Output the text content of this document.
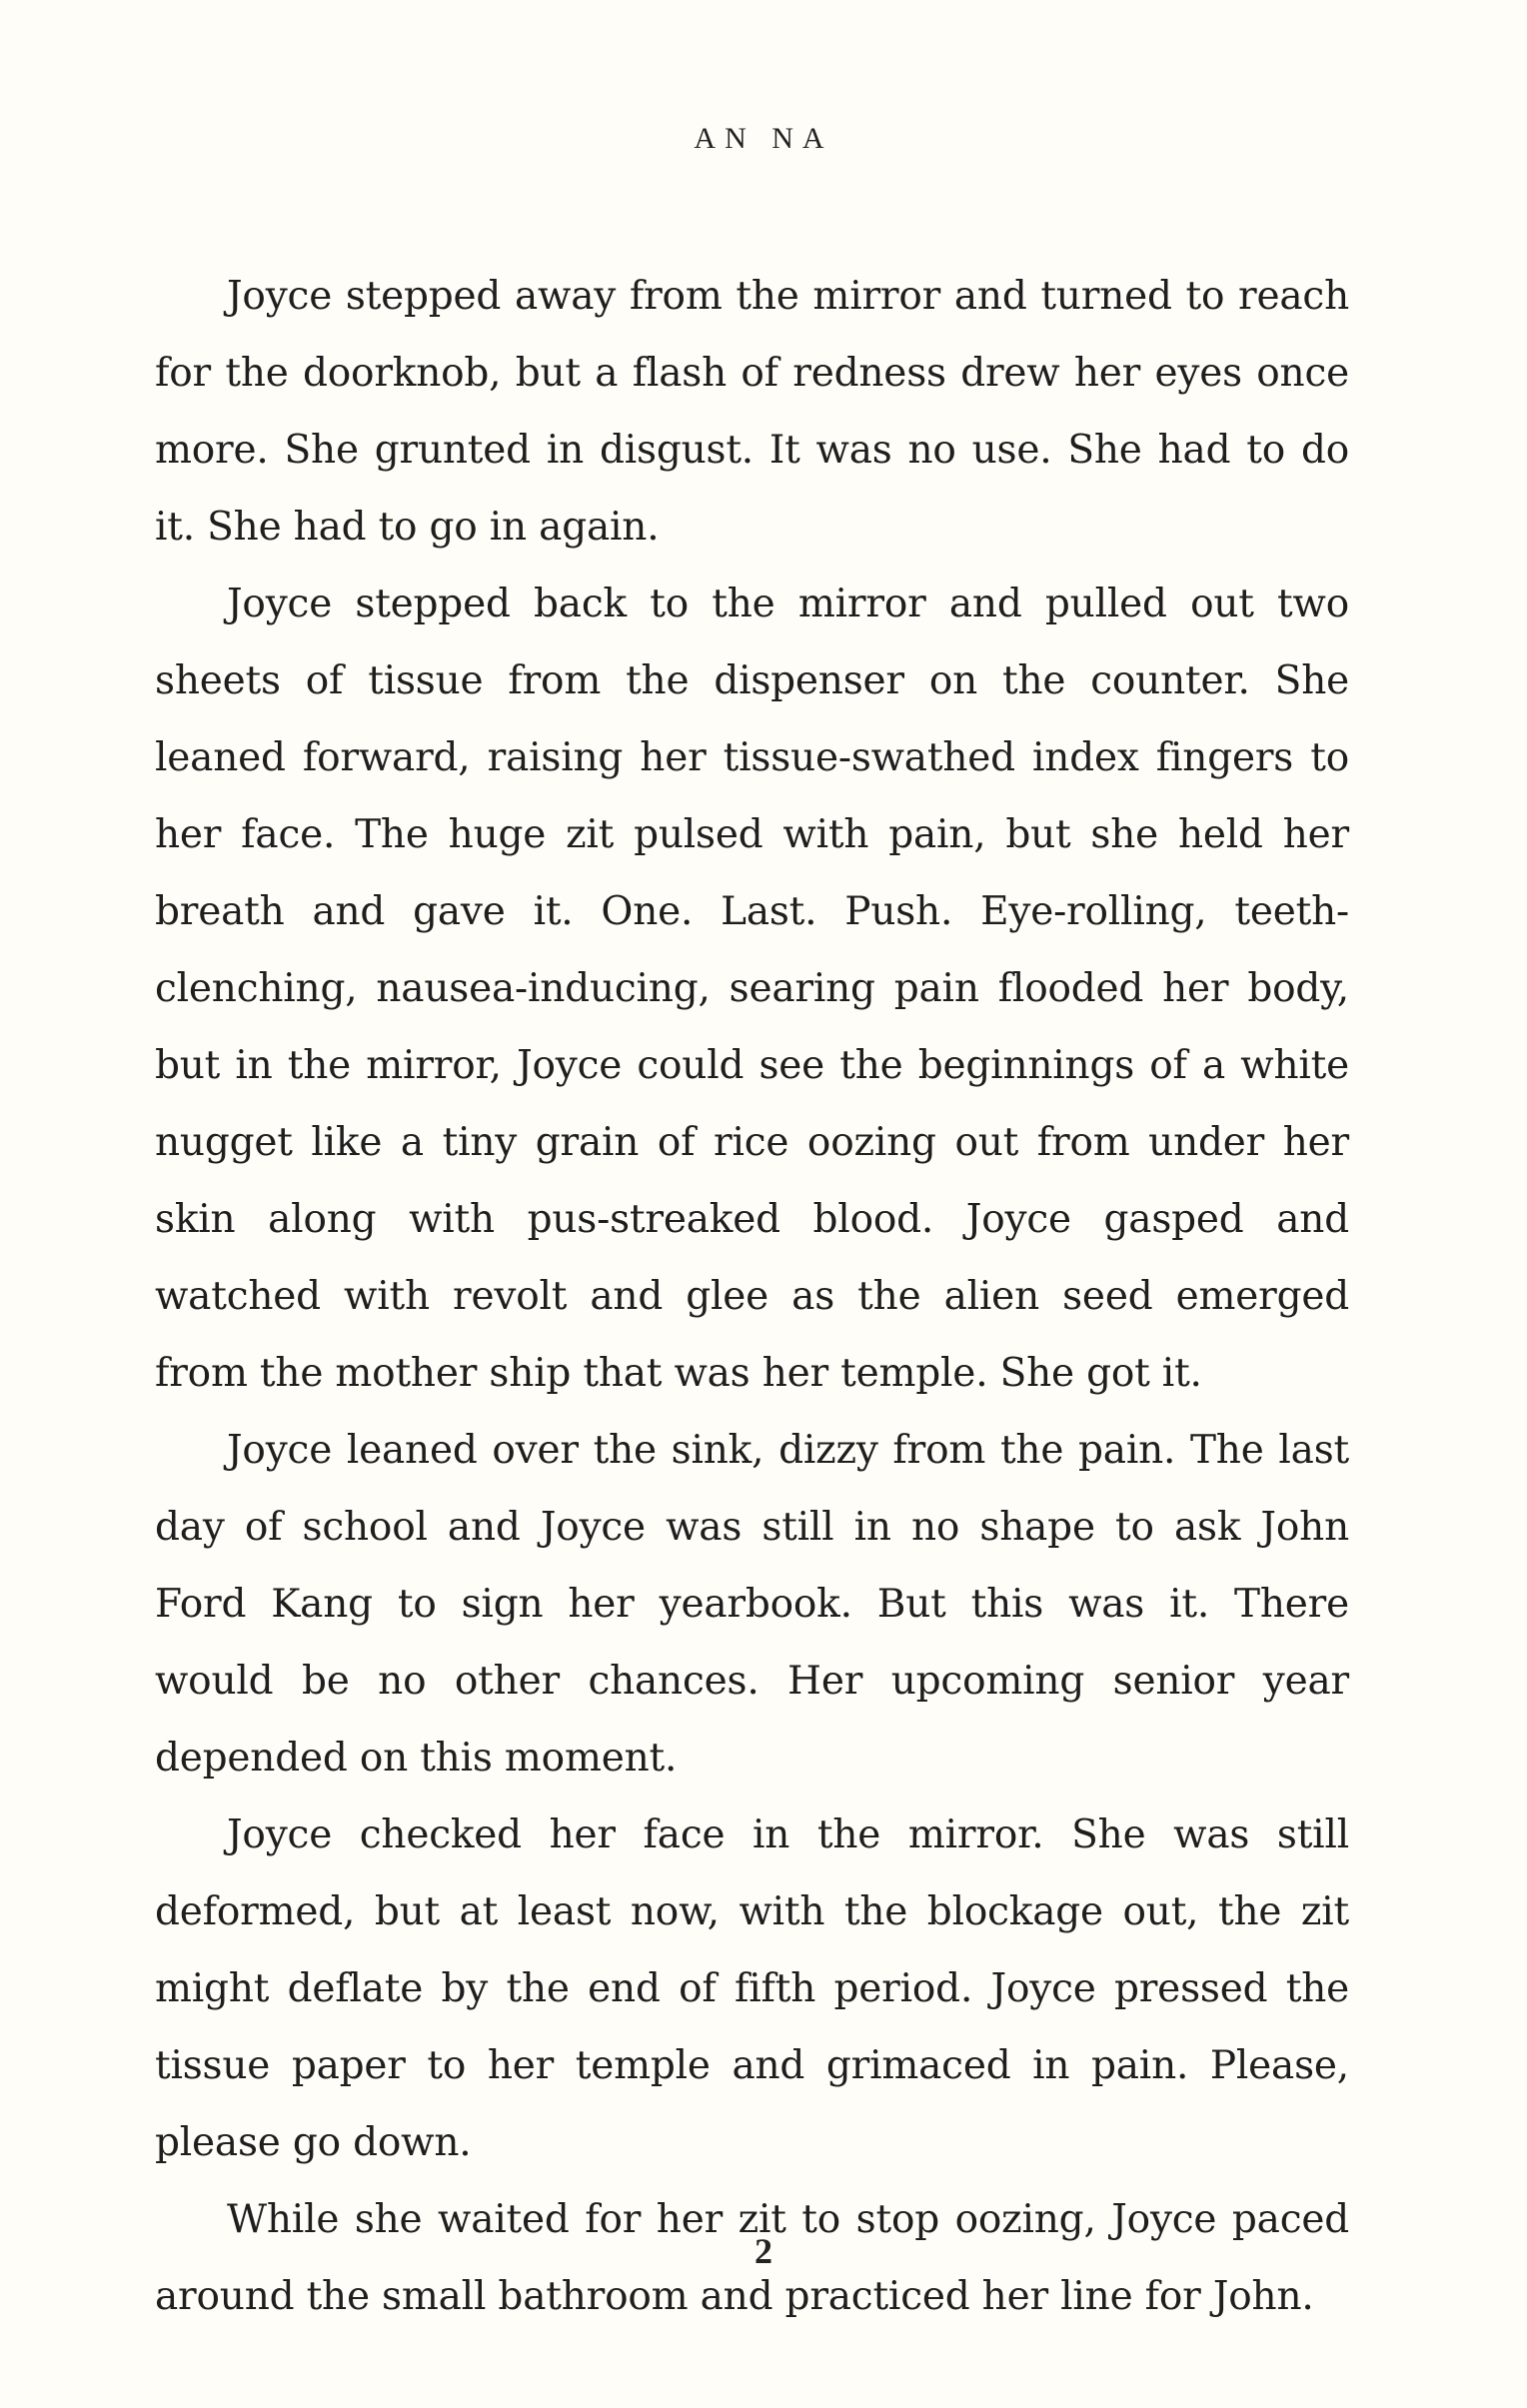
AN NA

Joyce stepped away from the mirror and turned to reach for the doorknob, but a flash of redness drew her eyes once more. She grunted in disgust. It was no use. She had to do it. She had to go in again.

Joyce stepped back to the mirror and pulled out two sheets of tissue from the dispenser on the counter. She leaned forward, raising her tissue-swathed index fingers to her face. The huge zit pulsed with pain, but she held her breath and gave it. One. Last. Push. Eye-rolling, teeth-clenching, nausea-inducing, searing pain flooded her body, but in the mirror, Joyce could see the beginnings of a white nugget like a tiny grain of rice oozing out from under her skin along with pus-streaked blood. Joyce gasped and watched with revolt and glee as the alien seed emerged from the mother ship that was her temple. She got it.

Joyce leaned over the sink, dizzy from the pain. The last day of school and Joyce was still in no shape to ask John Ford Kang to sign her yearbook. But this was it. There would be no other chances. Her upcoming senior year depended on this moment.

Joyce checked her face in the mirror. She was still deformed, but at least now, with the blockage out, the zit might deflate by the end of fifth period. Joyce pressed the tissue paper to her temple and grimaced in pain. Please, please go down.

While she waited for her zit to stop oozing, Joyce paced around the small bathroom and practiced her line for John.

2
